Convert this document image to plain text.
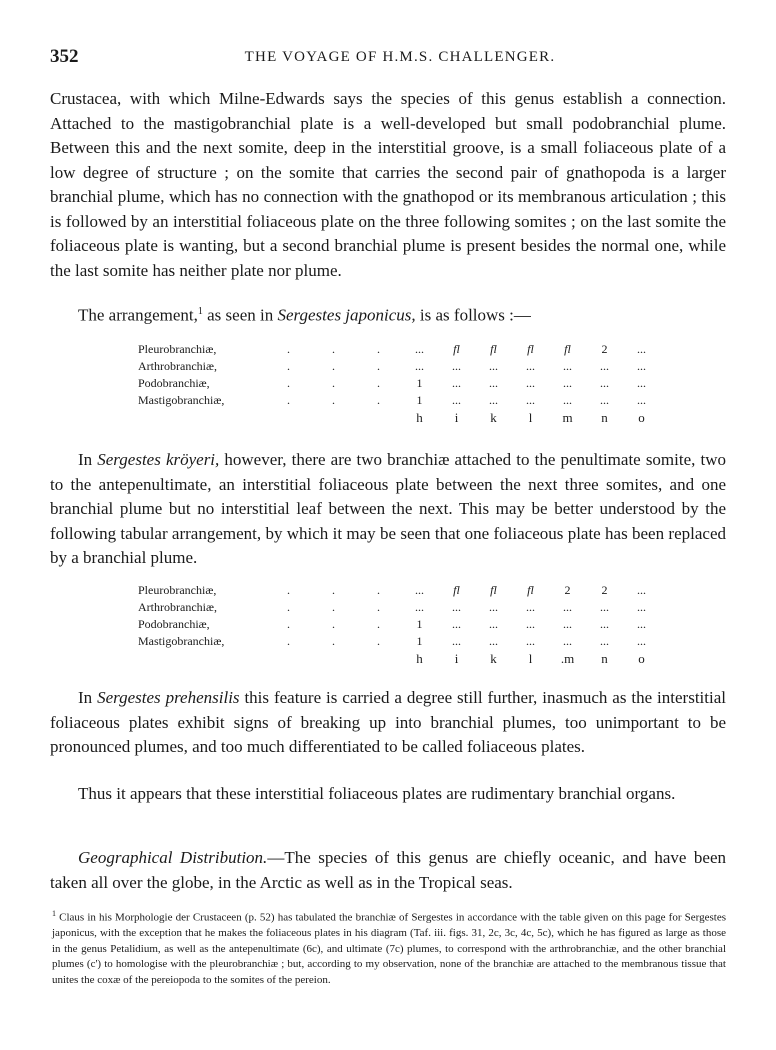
352	THE VOYAGE OF H.M.S. CHALLENGER.

Crustacea, with which Milne-Edwards says the species of this genus establish a connection. Attached to the mastigobranchial plate is a well-developed but small podobranchial plume. Between this and the next somite, deep in the interstitial groove, is a small foliaceous plate of a low degree of structure ; on the somite that carries the second pair of gnathopoda is a larger branchial plume, which has no connection with the gnathopod or its membranous articulation ; this is followed by an interstitial foliaceous plate on the three following somites ; on the last somite the foliaceous plate is wanting, but a second branchial plume is present besides the normal one, while the last somite has neither plate nor plume.

The arrangement,$^1$ as seen in Sergestes japonicus, is as follows :—

Pleurobranchiæ,	.	.	.	...	fl	fl	fl	fl	2	...
Arthrobranchiæ,	.	.	.	...	...	...	...	...	...	...
Podobranchiæ,	.	.	.	1	...	...	...	...	...	...
Mastigobranchiæ,	.	.	.	1	...	...	...	...	...	...
				h	i	k	l	m	n	o

In Sergestes kröyeri, however, there are two branchiæ attached to the penultimate somite, two to the antepenultimate, an interstitial foliaceous plate between the next three somites, and one branchial plume but no interstitial leaf between the next. This may be better understood by the following tabular arrangement, by which it may be seen that one foliaceous plate has been replaced by a branchial plume.

Pleurobranchiæ,	.	.	.	...	fl	fl	fl	2	2	...
Arthrobranchiæ,	.	.	.	...	...	...	...	...	...	...
Podobranchiæ,	.	.	.	1	...	...	...	...	...	...
Mastigobranchiæ,	.	.	.	1	...	...	...	...	...	...
				h	i	k	l	.m	n	o

In Sergestes prehensilis this feature is carried a degree still further, inasmuch as the interstitial foliaceous plates exhibit signs of breaking up into branchial plumes, too unimportant to be pronounced plumes, and too much differentiated to be called foliaceous plates.

Thus it appears that these interstitial foliaceous plates are rudimentary branchial organs.

Geographical Distribution.—The species of this genus are chiefly oceanic, and have been taken all over the globe, in the Arctic as well as in the Tropical seas.

$^1$ Claus in his Morphologie der Crustaceen (p. 52) has tabulated the branchiæ of Sergestes in accordance with the table given on this page for Sergestes japonicus, with the exception that he makes the foliaceous plates in his diagram (Taf. iii. figs. 31, 2c, 3c, 4c, 5c), which he has figured as large as those in the genus Petalidium, as well as the antepenultimate (6c), and ultimate (7c) plumes, to correspond with the arthrobranchiæ, and the other branchial plumes (c') to homologise with the pleurobranchiæ ; but, according to my observation, none of the branchiæ are attached to the membranous tissue that unites the coxæ of the pereiopoda to the somites of the pereion.
